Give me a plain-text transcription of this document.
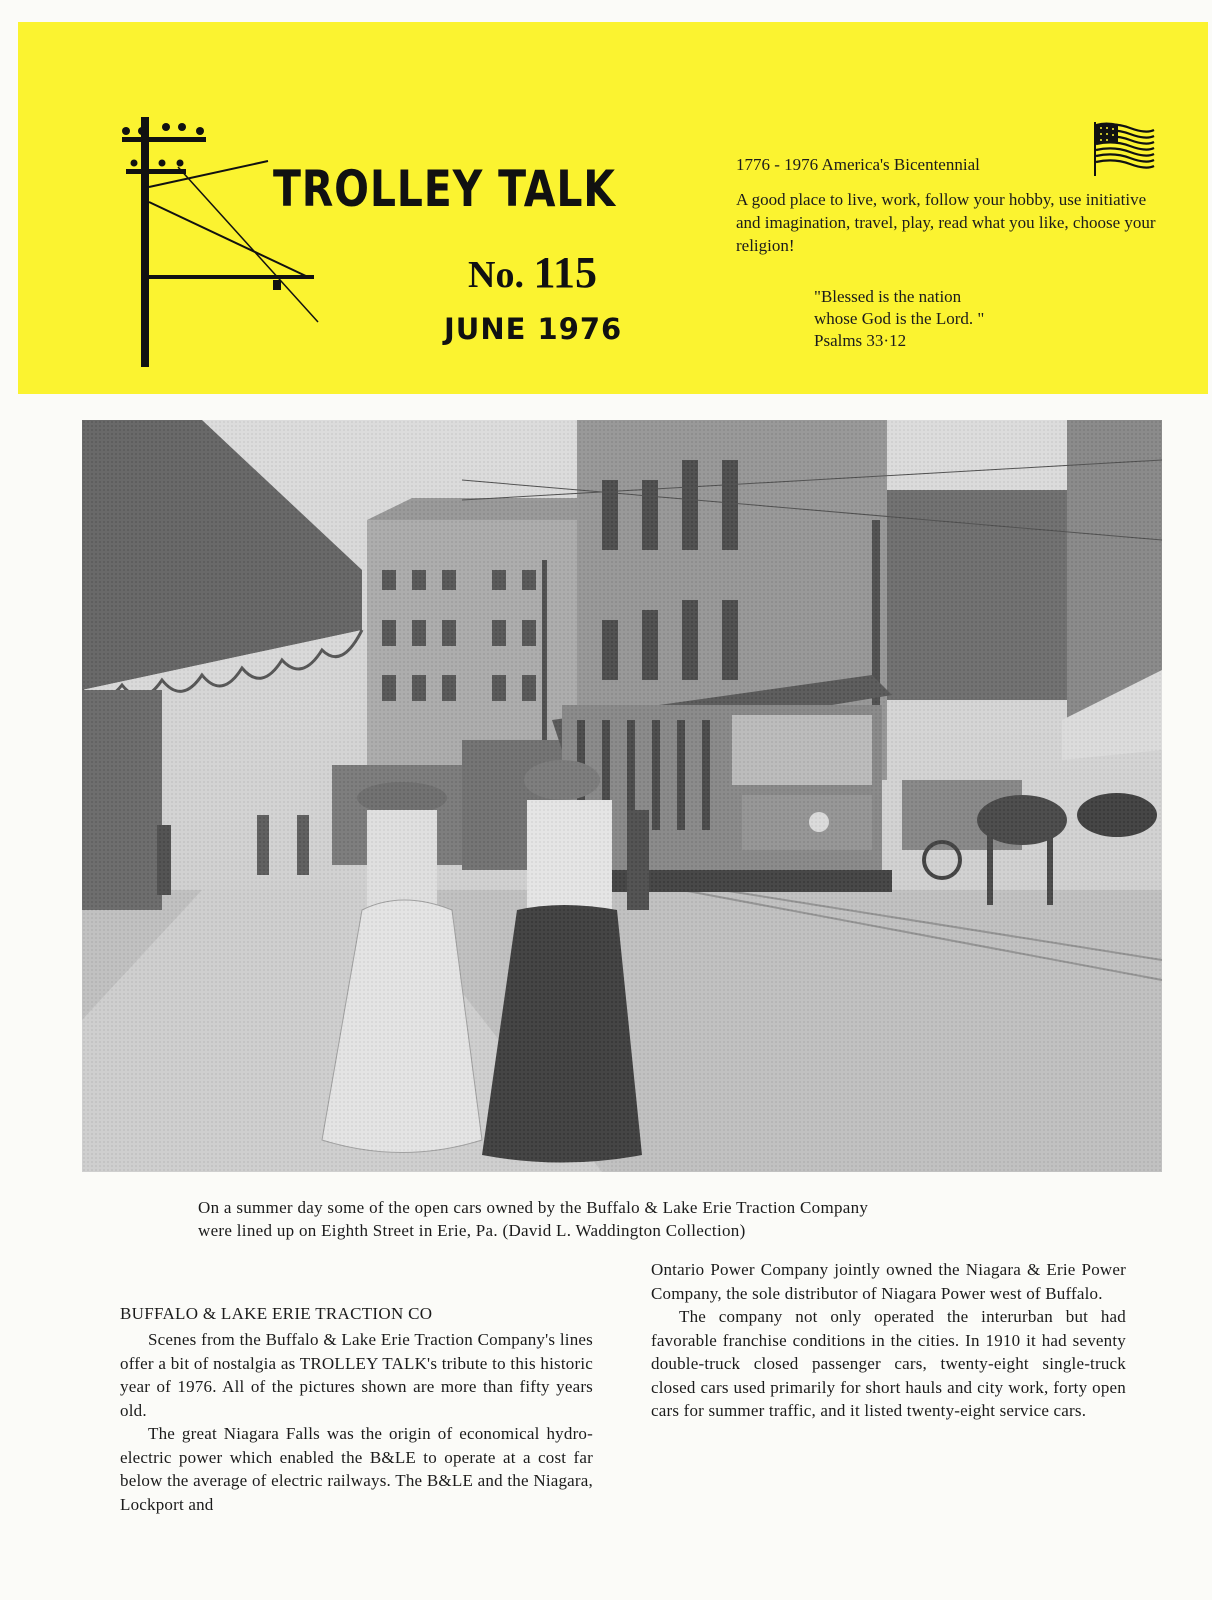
TROLLEY TALK
No. 115
JUNE 1976
1776 - 1976 America's Bicentennial
A good place to live, work, follow your hobby, use initiative and imagination, travel, play, read what you like, choose your religion!
"Blessed is the nation
whose God is the Lord. "
Psalms 33·12

On a summer day some of the open cars owned by the Buffalo & Lake Erie Traction Company

were lined up on Eighth Street in Erie, Pa. (David L. Waddington Collection)

BUFFALO & LAKE ERIE TRACTION CO

Scenes from the Buffalo & Lake Erie Traction Company's lines offer a bit of nostalgia as TROLLEY TALK's tribute to this historic year of 1976. All of the pictures shown are more than fifty years old.

The great Niagara Falls was the origin of economical hydro-electric power which enabled the B&LE to operate at a cost far below the average of electric railways. The B&LE and the Niagara, Lockport and

Ontario Power Company jointly owned the Niagara & Erie Power Company, the sole distributor of Niagara Power west of Buffalo.

The company not only operated the interurban but had favorable franchise conditions in the cities. In 1910 it had seventy double-truck closed passenger cars, twenty-eight single-truck closed cars used primarily for short hauls and city work, forty open cars for summer traffic, and it listed twenty-eight service cars.
